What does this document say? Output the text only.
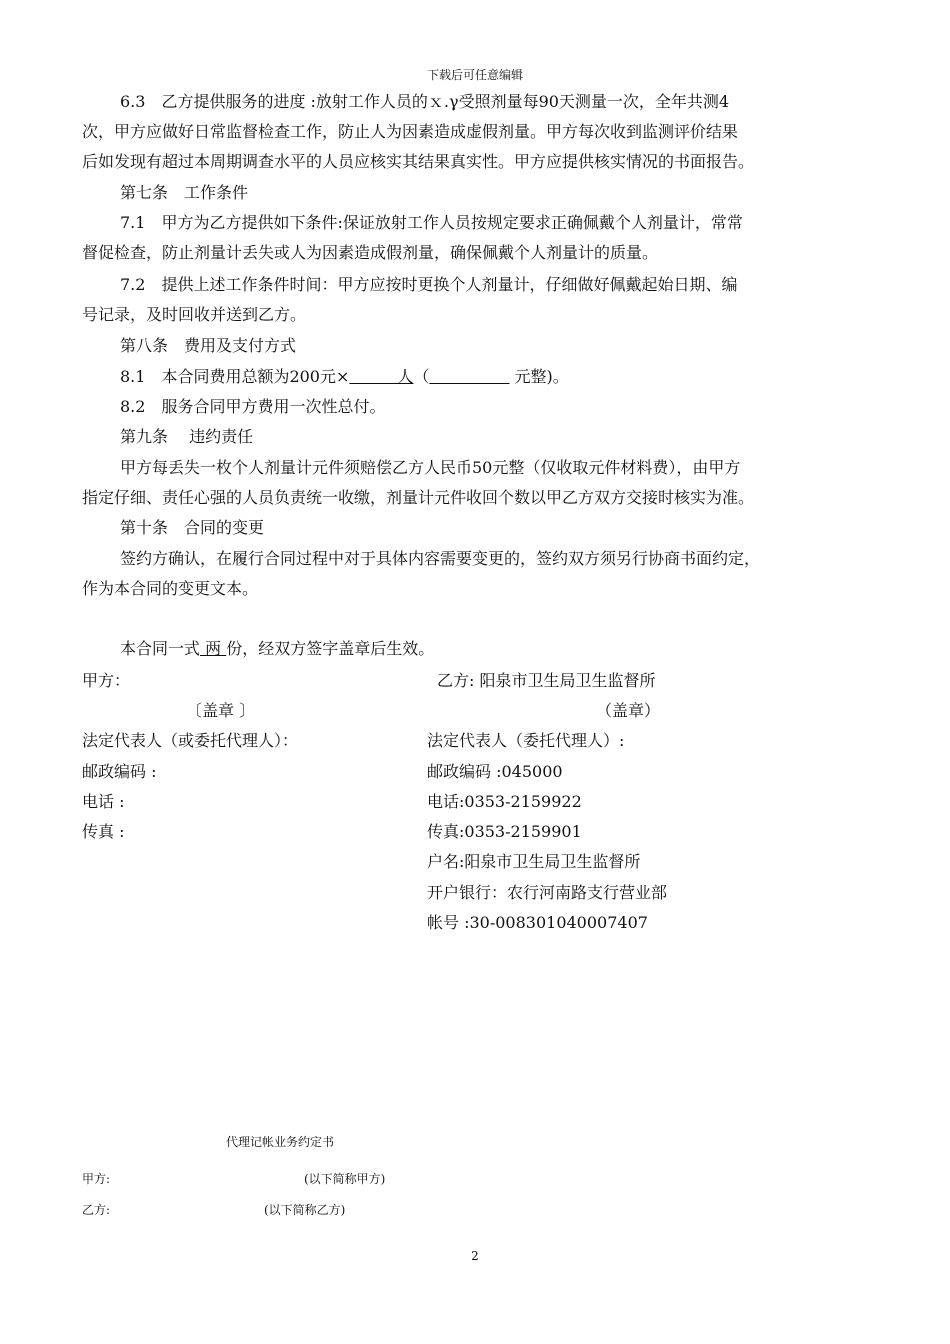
下载后可任意编辑
6.3　乙方提供服务的进度 :放射工作人员的ｘ.γ受照剂量每90天测量一次，全年共测4
次，甲方应做好日常监督检查工作，防止人为因素造成虚假剂量。甲方每次收到监测评价结果
后如发现有超过本周期调查水平的人员应核实其结果真实性。甲方应提供核实情况的书面报告。
第七条　工作条件
7.1　甲方为乙方提供如下条件:保证放射工作人员按规定要求正确佩戴个人剂量计，常常
督促检查，防止剂量计丢失或人为因素造成假剂量，确保佩戴个人剂量计的质量。
7.2　提供上述工作条件时间：甲方应按时更换个人剂量计，仔细做好佩戴起始日期、编
号记录，及时回收并送到乙方。
第八条　费用及支付方式
8.1　本合同费用总额为200元×　　　人（　　　　　	元整)。
8.2　服务合同甲方费用一次性总付。
第九条　 违约责任
甲方每丢失一枚个人剂量计元件须赔偿乙方人民币50元整（仅收取元件材料费），由甲方
指定仔细、责任心强的人员负责统一收缴，剂量计元件收回个数以甲乙方双方交接时核实为准。
第十条　合同的变更
签约方确认，在履行合同过程中对于具体内容需要变更的，签约双方须另行协商书面约定，
作为本合同的变更文本。
本合同一式 两 份，经双方签字盖章后生效。
甲方：
〔盖章 〕
法定代表人（或委托代理人）：
邮政编码 :
电话 :
传真 :
乙方: 阳泉市卫生局卫生监督所
（盖章）
法定代表人（委托代理人）:
邮政编码 :045000
电话:0353-2159922
传真:0353-2159901
户名:阳泉市卫生局卫生监督所
开户银行：农行河南路支行营业部
帐号 :30-008301040007407
代理记帐业务约定书
甲方:	(以下简称甲方)
乙方:	(以下简称乙方)
2
